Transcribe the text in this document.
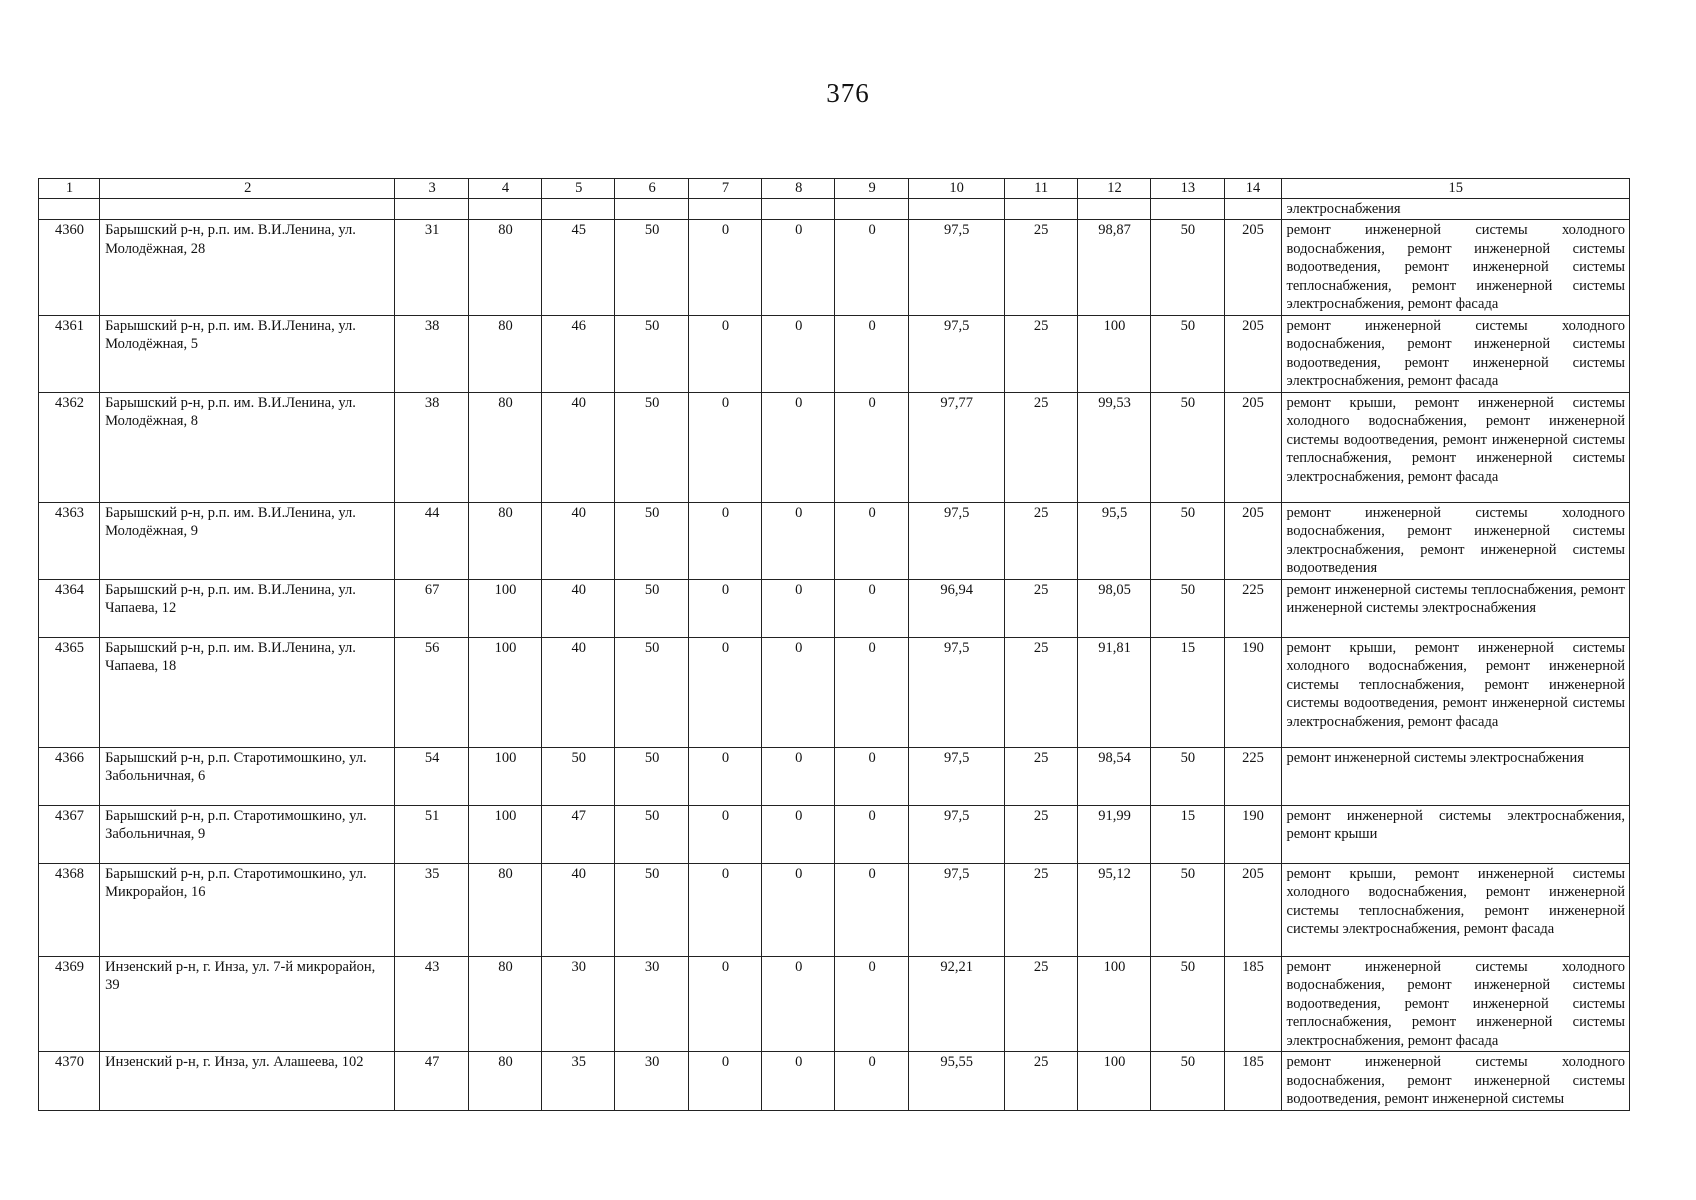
376
1	2	3	4	5	6	7	8	9	10	11	12	13	14	15
														электроснабжения
4360	Барышский р-н, р.п. им. В.И.Ленина, ул. Молодёжная, 28	31	80	45	50	0	0	0	97,5	25	98,87	50	205	ремонт инженерной системы холодного водоснабжения, ремонт инженерной системы водоотведения, ремонт инженерной системы теплоснабжения, ремонт инженерной системы электроснабжения, ремонт фасада
4361	Барышский р-н, р.п. им. В.И.Ленина, ул. Молодёжная, 5	38	80	46	50	0	0	0	97,5	25	100	50	205	ремонт инженерной системы холодного водоснабжения, ремонт инженерной системы водоотведения, ремонт инженерной системы электроснабжения, ремонт фасада
4362	Барышский р-н, р.п. им. В.И.Ленина, ул. Молодёжная, 8	38	80	40	50	0	0	0	97,77	25	99,53	50	205	ремонт крыши, ремонт инженерной системы холодного водоснабжения, ремонт инженерной системы водоотведения, ремонт инженерной системы теплоснабжения, ремонт инженерной системы электроснабжения, ремонт фасада
4363	Барышский р-н, р.п. им. В.И.Ленина, ул. Молодёжная, 9	44	80	40	50	0	0	0	97,5	25	95,5	50	205	ремонт инженерной системы холодного водоснабжения, ремонт инженерной системы электроснабжения, ремонт инженерной системы водоотведения
4364	Барышский р-н, р.п. им. В.И.Ленина, ул. Чапаева, 12	67	100	40	50	0	0	0	96,94	25	98,05	50	225	ремонт инженерной системы теплоснабжения, ремонт инженерной системы электроснабжения
4365	Барышский р-н, р.п. им. В.И.Ленина, ул. Чапаева, 18	56	100	40	50	0	0	0	97,5	25	91,81	15	190	ремонт крыши, ремонт инженерной системы холодного водоснабжения, ремонт инженерной системы теплоснабжения, ремонт инженерной системы водоотведения, ремонт инженерной системы электроснабжения, ремонт фасада
4366	Барышский р-н, р.п. Старотимошкино, ул. Забольничная, 6	54	100	50	50	0	0	0	97,5	25	98,54	50	225	ремонт инженерной системы электроснабжения
4367	Барышский р-н, р.п. Старотимошкино, ул. Забольничная, 9	51	100	47	50	0	0	0	97,5	25	91,99	15	190	ремонт инженерной системы электроснабжения, ремонт крыши
4368	Барышский р-н, р.п. Старотимошкино, ул. Микрорайон, 16	35	80	40	50	0	0	0	97,5	25	95,12	50	205	ремонт крыши, ремонт инженерной системы холодного водоснабжения, ремонт инженерной системы теплоснабжения, ремонт инженерной системы электроснабжения, ремонт фасада
4369	Инзенский р-н, г. Инза, ул. 7-й микрорайон, 39	43	80	30	30	0	0	0	92,21	25	100	50	185	ремонт инженерной системы холодного водоснабжения, ремонт инженерной системы водоотведения, ремонт инженерной системы теплоснабжения, ремонт инженерной системы электроснабжения, ремонт фасада
4370	Инзенский р-н, г. Инза, ул. Алашеева, 102	47	80	35	30	0	0	0	95,55	25	100	50	185	ремонт инженерной системы холодного водоснабжения, ремонт инженерной системы водоотведения, ремонт инженерной системы
